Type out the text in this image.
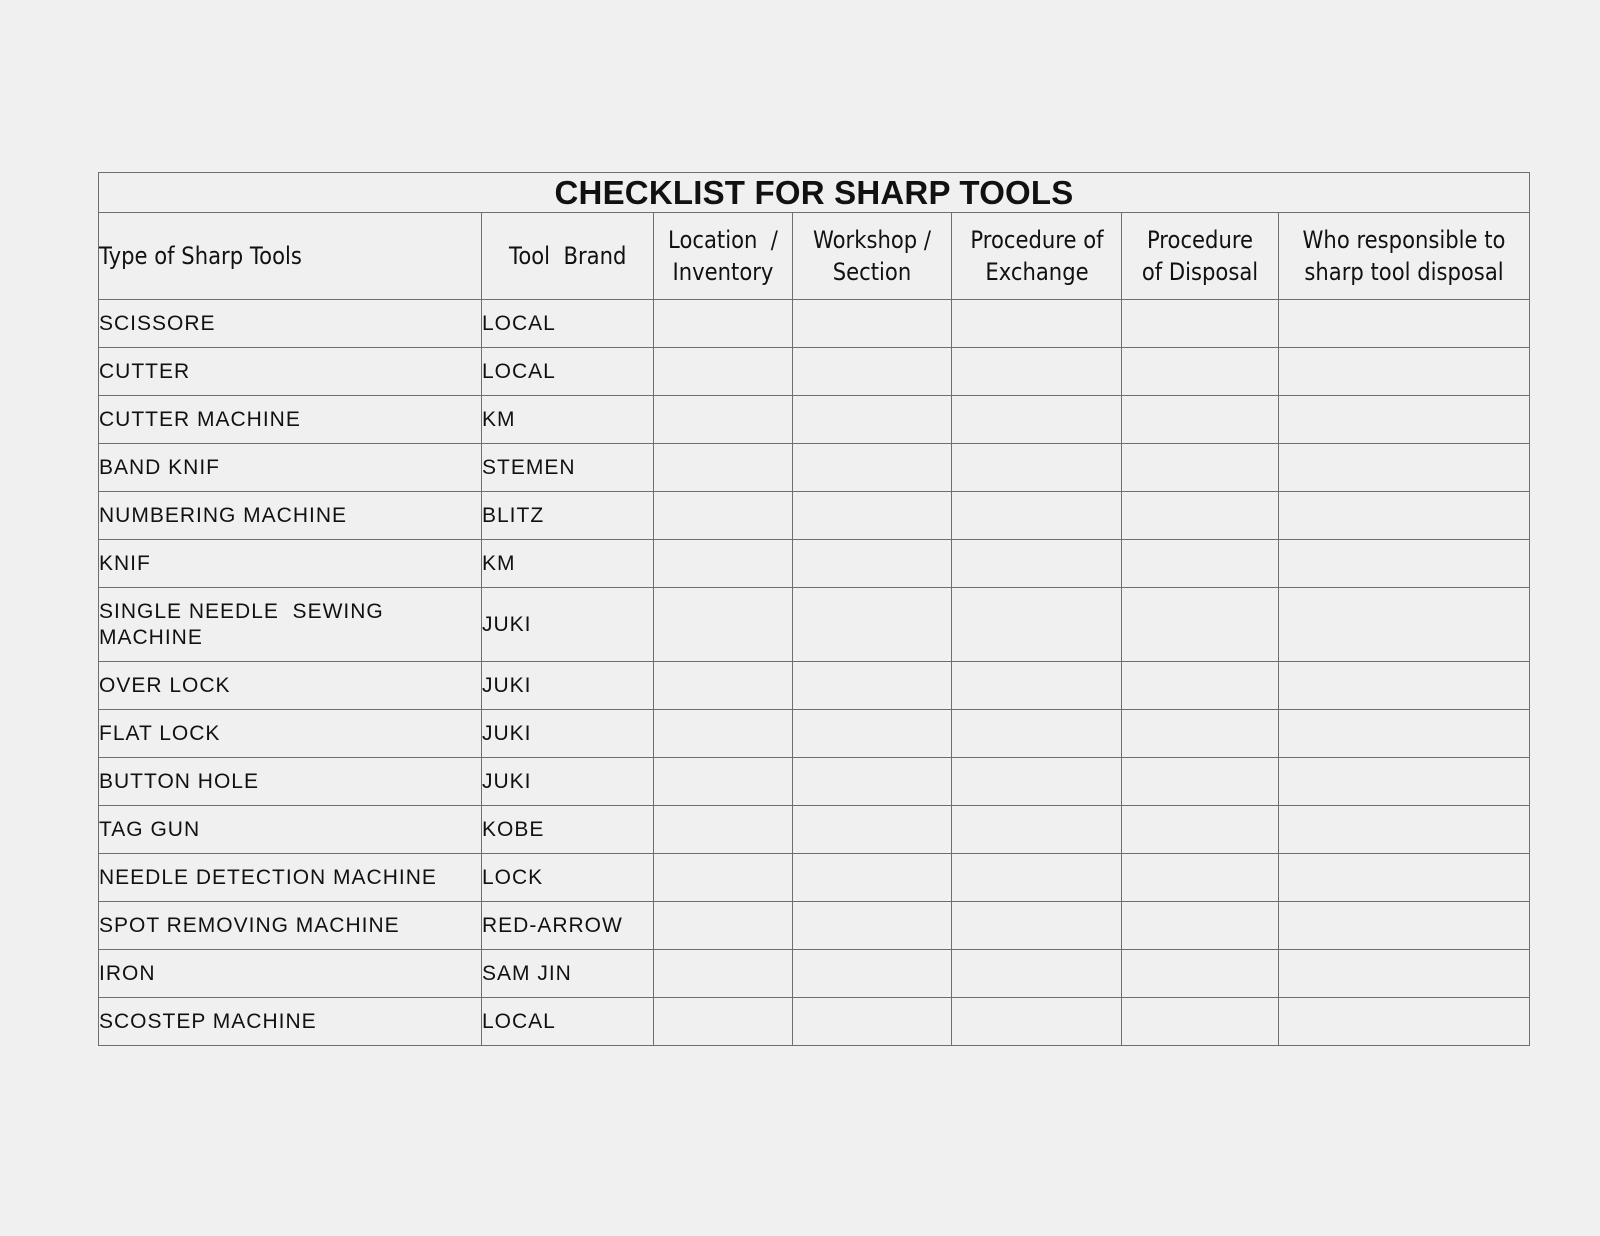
CHECKLIST FOR SHARP TOOLS						
Type of Sharp Tools	Tool  Brand	Location  / Inventory	Workshop / Section	Procedure of Exchange	Procedure of Disposal	Who responsible to sharp tool disposal
SCISSORE	LOCAL					
CUTTER	LOCAL					
CUTTER MACHINE	KM					
BAND KNIF	STEMEN					
NUMBERING MACHINE	BLITZ					
KNIF	KM					
SINGLE NEEDLE  SEWING MACHINE	JUKI					
OVER LOCK	JUKI					
FLAT LOCK	JUKI					
BUTTON HOLE	JUKI					
TAG GUN	KOBE					
NEEDLE DETECTION MACHINE	LOCK					
SPOT REMOVING MACHINE	RED-ARROW					
IRON	SAM JIN					
SCOSTEP MACHINE	LOCAL					
